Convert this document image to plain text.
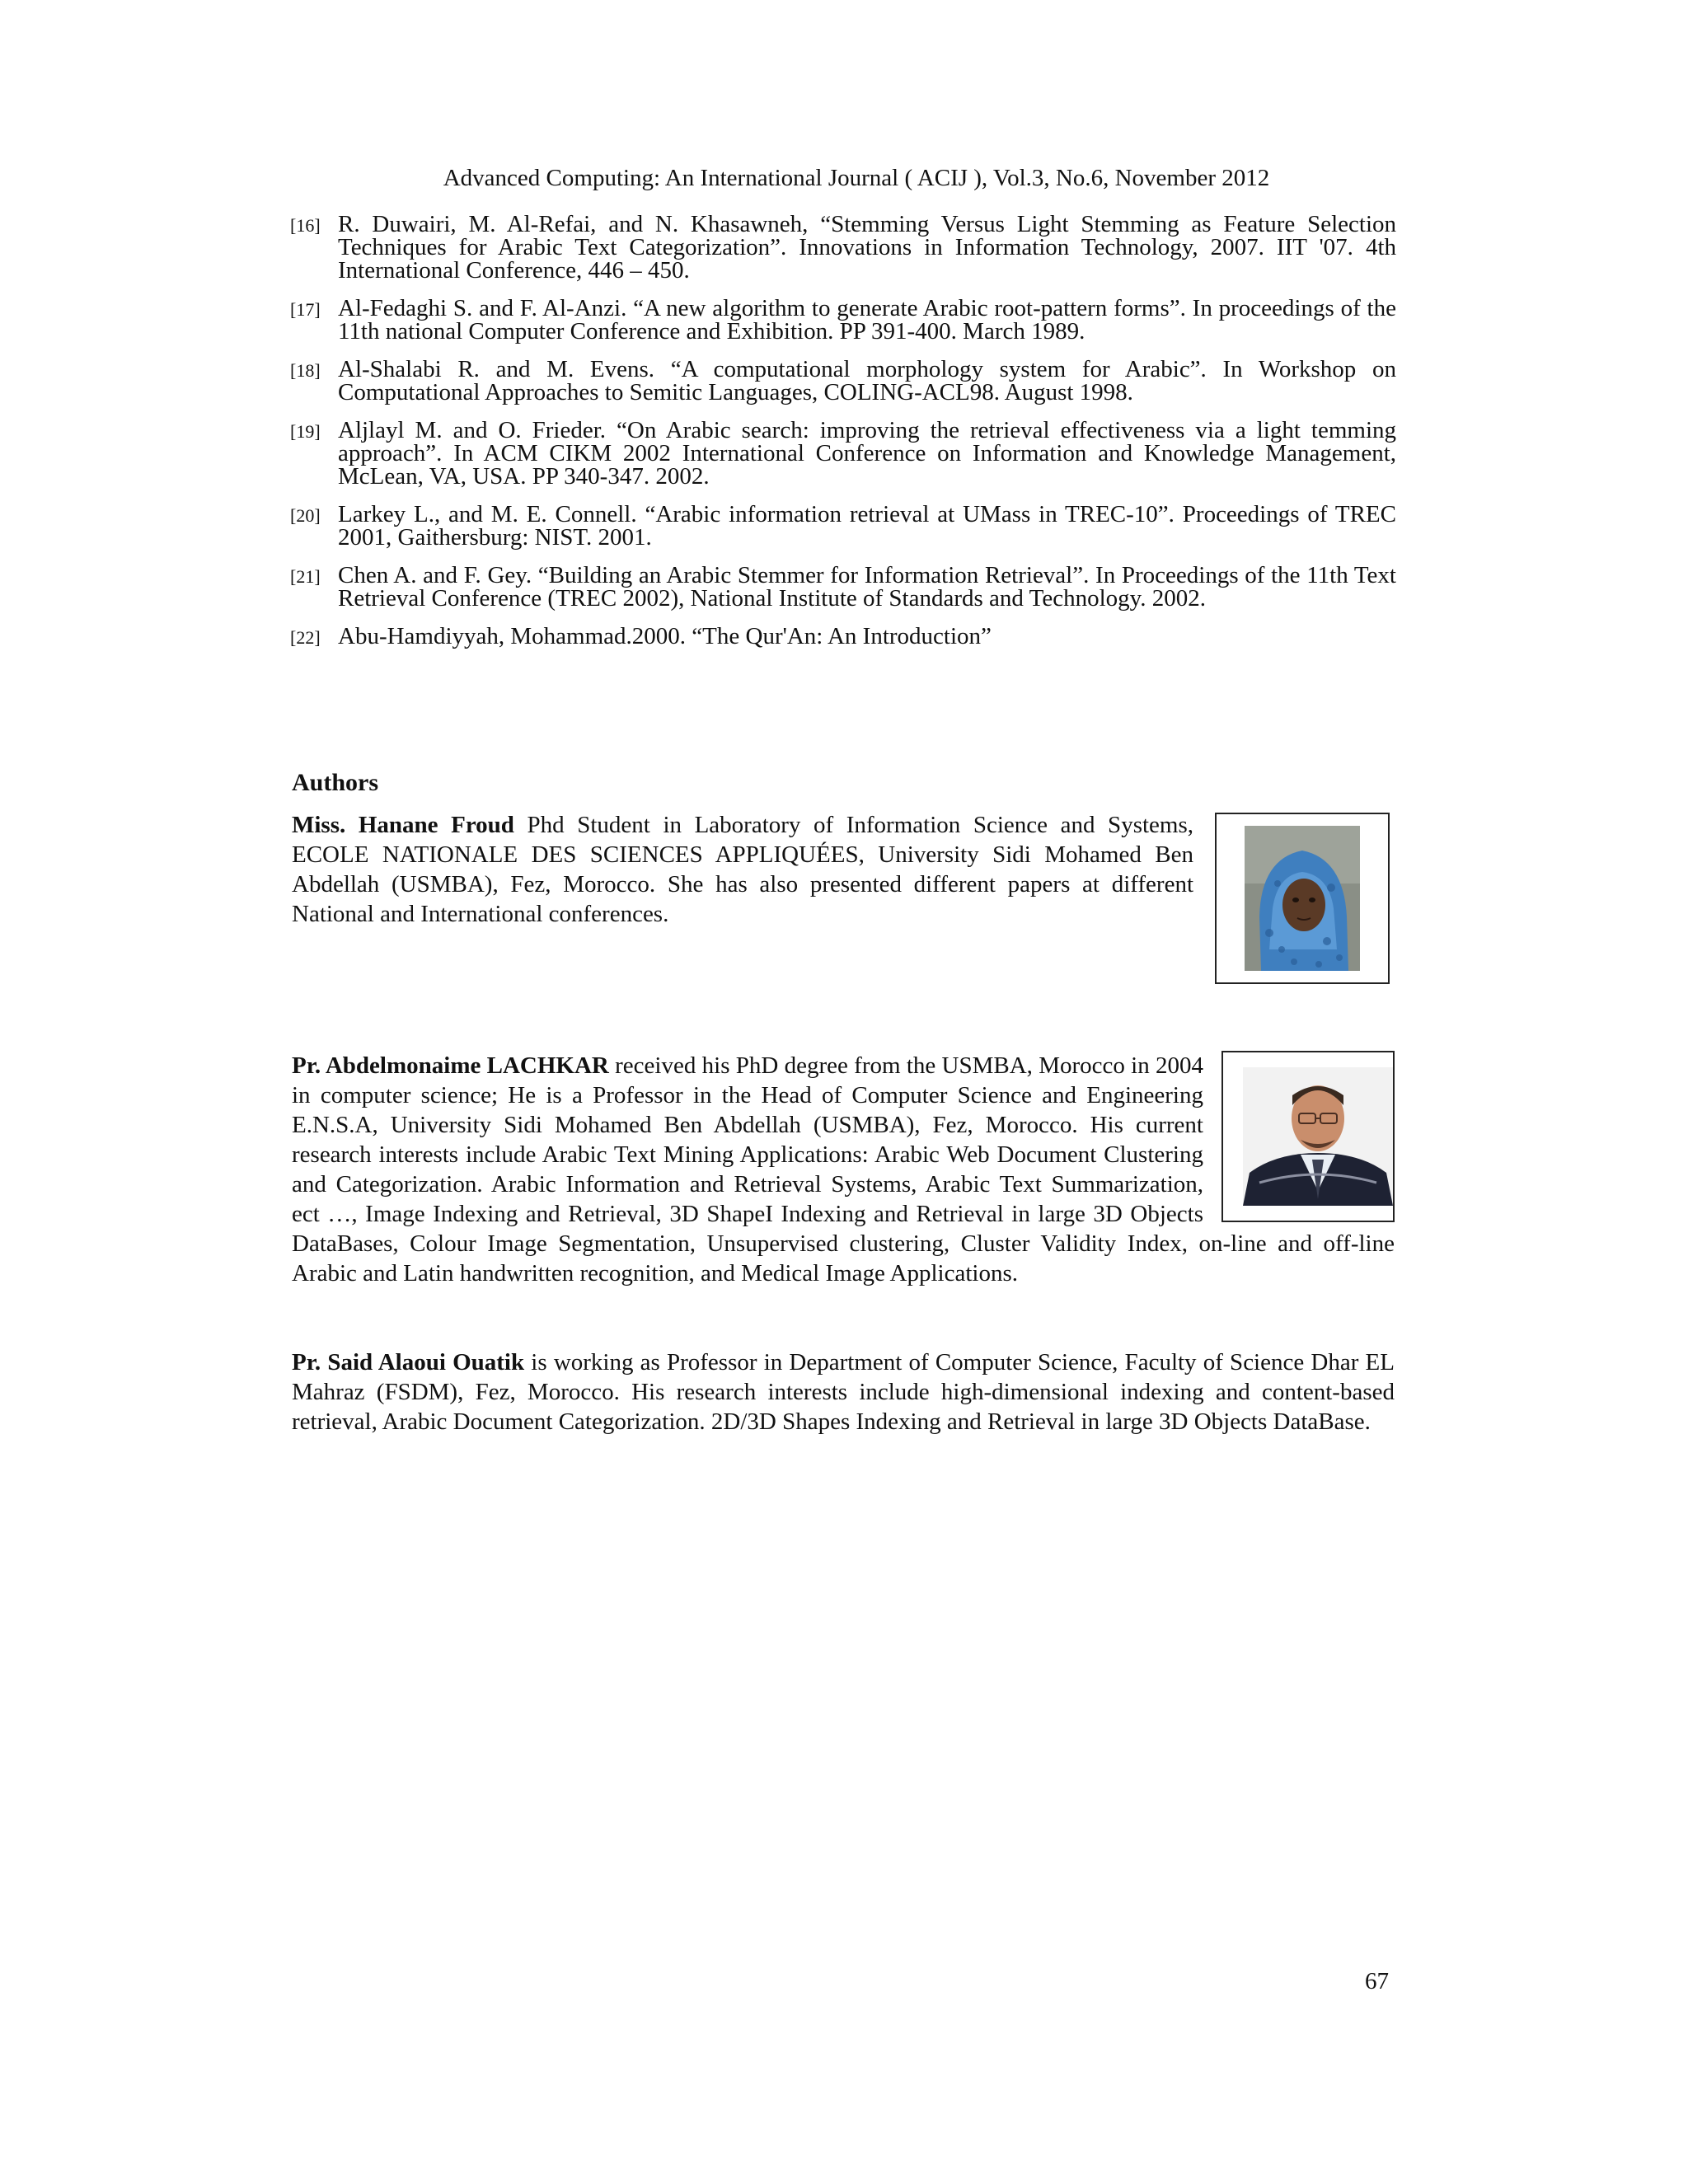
Advanced Computing: An International Journal ( ACIJ ), Vol.3, No.6, November 2012
[16] R. Duwairi, M. Al-Refai, and N. Khasawneh, “Stemming Versus Light Stemming as Feature Selection Techniques for Arabic Text Categorization”. Innovations in Information Technology, 2007. IIT '07. 4th International Conference, 446 – 450.
[17] Al-Fedaghi S. and F. Al-Anzi. “A new algorithm to generate Arabic root-pattern forms”. In proceedings of the 11th national Computer Conference and Exhibition. PP 391-400. March 1989.
[18] Al-Shalabi R. and M. Evens. “A computational morphology system for Arabic”. In Workshop on Computational Approaches to Semitic Languages, COLING-ACL98. August 1998.
[19] Aljlayl M. and O. Frieder. “On Arabic search: improving the retrieval effectiveness via a light temming approach”. In ACM CIKM 2002 International Conference on Information and Knowledge Management, McLean, VA, USA. PP 340-347. 2002.
[20] Larkey L., and M. E. Connell. “Arabic information retrieval at UMass in TREC-10”. Proceedings of TREC 2001, Gaithersburg: NIST. 2001.
[21] Chen A. and F. Gey. “Building an Arabic Stemmer for Information Retrieval”. In Proceedings of the 11th Text Retrieval Conference (TREC 2002), National Institute of Standards and Technology. 2002.
[22] Abu-Hamdiyyah, Mohammad.2000. “The Qur'An: An Introduction”
Authors
Miss. Hanane Froud Phd Student in Laboratory of Information Science and Systems, ECOLE NATIONALE DES SCIENCES APPLIQUÉES, University Sidi Mohamed Ben Abdellah (USMBA), Fez, Morocco. She has also presented different papers at different National and International conferences.
Pr. Abdelmonaime LACHKAR received his PhD degree from the USMBA, Morocco in 2004 in computer science; He is a Professor in the Head of Computer Science and Engineering E.N.S.A, University Sidi Mohamed Ben Abdellah (USMBA), Fez, Morocco. His current research interests include Arabic Text Mining Applications: Arabic Web Document Clustering and Categorization. Arabic Information and Retrieval Systems, Arabic Text Summarization, ect …, Image Indexing and Retrieval, 3D ShapeI Indexing and Retrieval in large 3D Objects DataBases, Colour Image Segmentation, Unsupervised clustering, Cluster Validity Index, on-line and off-line Arabic and Latin handwritten recognition, and Medical Image Applications.
Pr. Said Alaoui Ouatik is working as Professor in Department of Computer Science, Faculty of Science Dhar EL Mahraz (FSDM), Fez, Morocco. His research interests include high-dimensional indexing and content-based retrieval, Arabic Document Categorization. 2D/3D Shapes Indexing and Retrieval in large 3D Objects DataBase.
67
